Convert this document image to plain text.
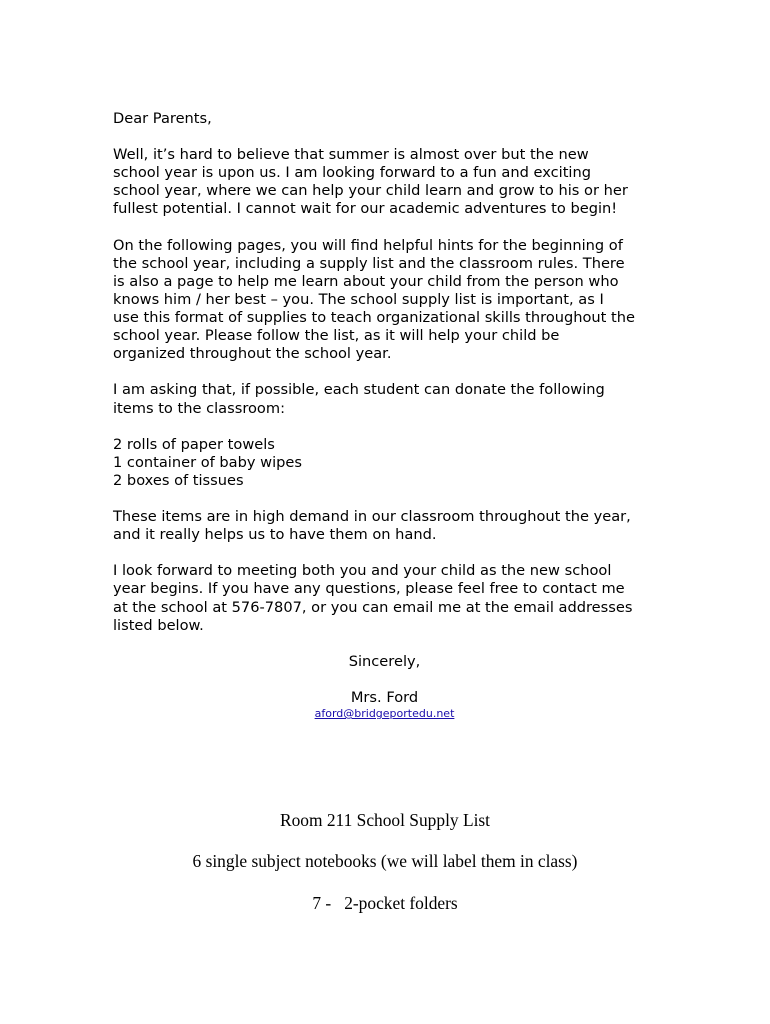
Dear Parents,

Well, it’s hard to believe that summer is almost over but the new
school year is upon us. I am looking forward to a fun and exciting
school year, where we can help your child learn and grow to his or her
fullest potential. I cannot wait for our academic adventures to begin!

On the following pages, you will find helpful hints for the beginning of
the school year, including a supply list and the classroom rules. There
is also a page to help me learn about your child from the person who
knows him / her best – you. The school supply list is important, as I
use this format of supplies to teach organizational skills throughout the
school year. Please follow the list, as it will help your child be
organized throughout the school year.

I am asking that, if possible, each student can donate the following
items to the classroom:

2 rolls of paper towels
1 container of baby wipes
2 boxes of tissues

These items are in high demand in our classroom throughout the year,
and it really helps us to have them on hand.

I look forward to meeting both you and your child as the new school
year begins. If you have any questions, please feel free to contact me
at the school at 576-7807, or you can email me at the email addresses
listed below.

Sincerely,

Mrs. Ford
aford@bridgeportedu.net
Room 211 School Supply List
6 single subject notebooks (we will label them in class)
7 -   2-pocket folders
